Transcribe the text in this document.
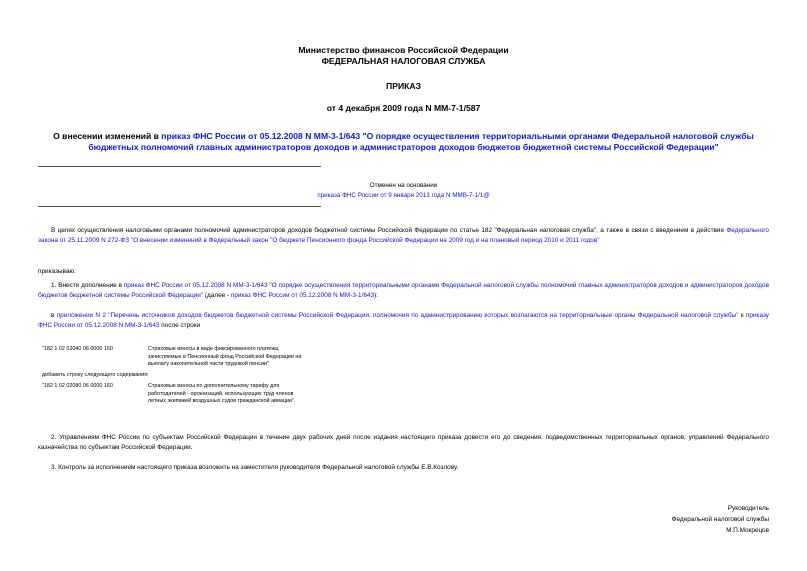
Министерство финансов Российской Федерации
ФЕДЕРАЛЬНАЯ НАЛОГОВАЯ СЛУЖБА
ПРИКАЗ
от 4 декабря 2009 года N ММ-7-1/587
О внесении изменений в приказ ФНС России от 05.12.2008 N ММ-3-1/643 "О порядке осуществления территориальными органами Федеральной налоговой службы бюджетных полномочий главных администраторов доходов и администраторов доходов бюджетов бюджетной системы Российской Федерации"
Отменен на основании
приказа ФНС России от 9 января 2013 года N ММВ-7-1/1@
В целях осуществления налоговыми органами полномочий администраторов доходов бюджетной системы Российской Федерации по статье 182 "Федеральная налоговая служба", а также в связи с введением в действие Федерального закона от 25.11.2009 N 272-ФЗ "О внесении изменений в Федеральный закон "О бюджете Пенсионного фонда Российской Федерации на 2009 год и на плановый период 2010 и 2011 годов"
приказываю:
1. Внести дополнение в приказ ФНС России от 05.12.2008 N ММ-3-1/643 "О порядке осуществления территориальными органами Федеральной налоговой службы полномочий главных администраторов доходов и администраторов доходов бюджетов бюджетной системы Российской Федерации" (далее - приказ ФНС России от 05.12.2008 N ММ-3-1/643):
в приложении N 2 "Перечень источников доходов бюджетов бюджетной системы Российской Федерации, полномочия по администрированию которых возлагаются на территориальные органы Федеральной налоговой службы" к приказу ФНС России от 05.12.2008 N ММ-3-1/643 после строки
"182 1 02 02040 06 0000 160	Страховые взносы в виде фиксированного платежа,
зачисляемые в Пенсионный фонд Российской Федерации на
выплату накопительной части трудовой пенсии"
добавить строку следующего содержания:
"182 1 02 02080 06 0000 160	Страховые взносы по дополнительному тарифу для
работодателей - организаций, использующих труд членов
летных экипажей воздушных судов гражданской авиации".
2. Управлениям ФНС России по субъектам Российской Федерации в течение двух рабочих дней после издания настоящего приказа довести его до сведения: подведомственных территориальных органов; управлений Федерального казначейства по субъектам Российской Федерации.
3. Контроль за исполнением настоящего приказа возложить на заместителя руководителя Федеральной налоговой службы Е.В.Козлову.
Руководитель
Федеральной налоговой службы
М.П.Мокрецов
